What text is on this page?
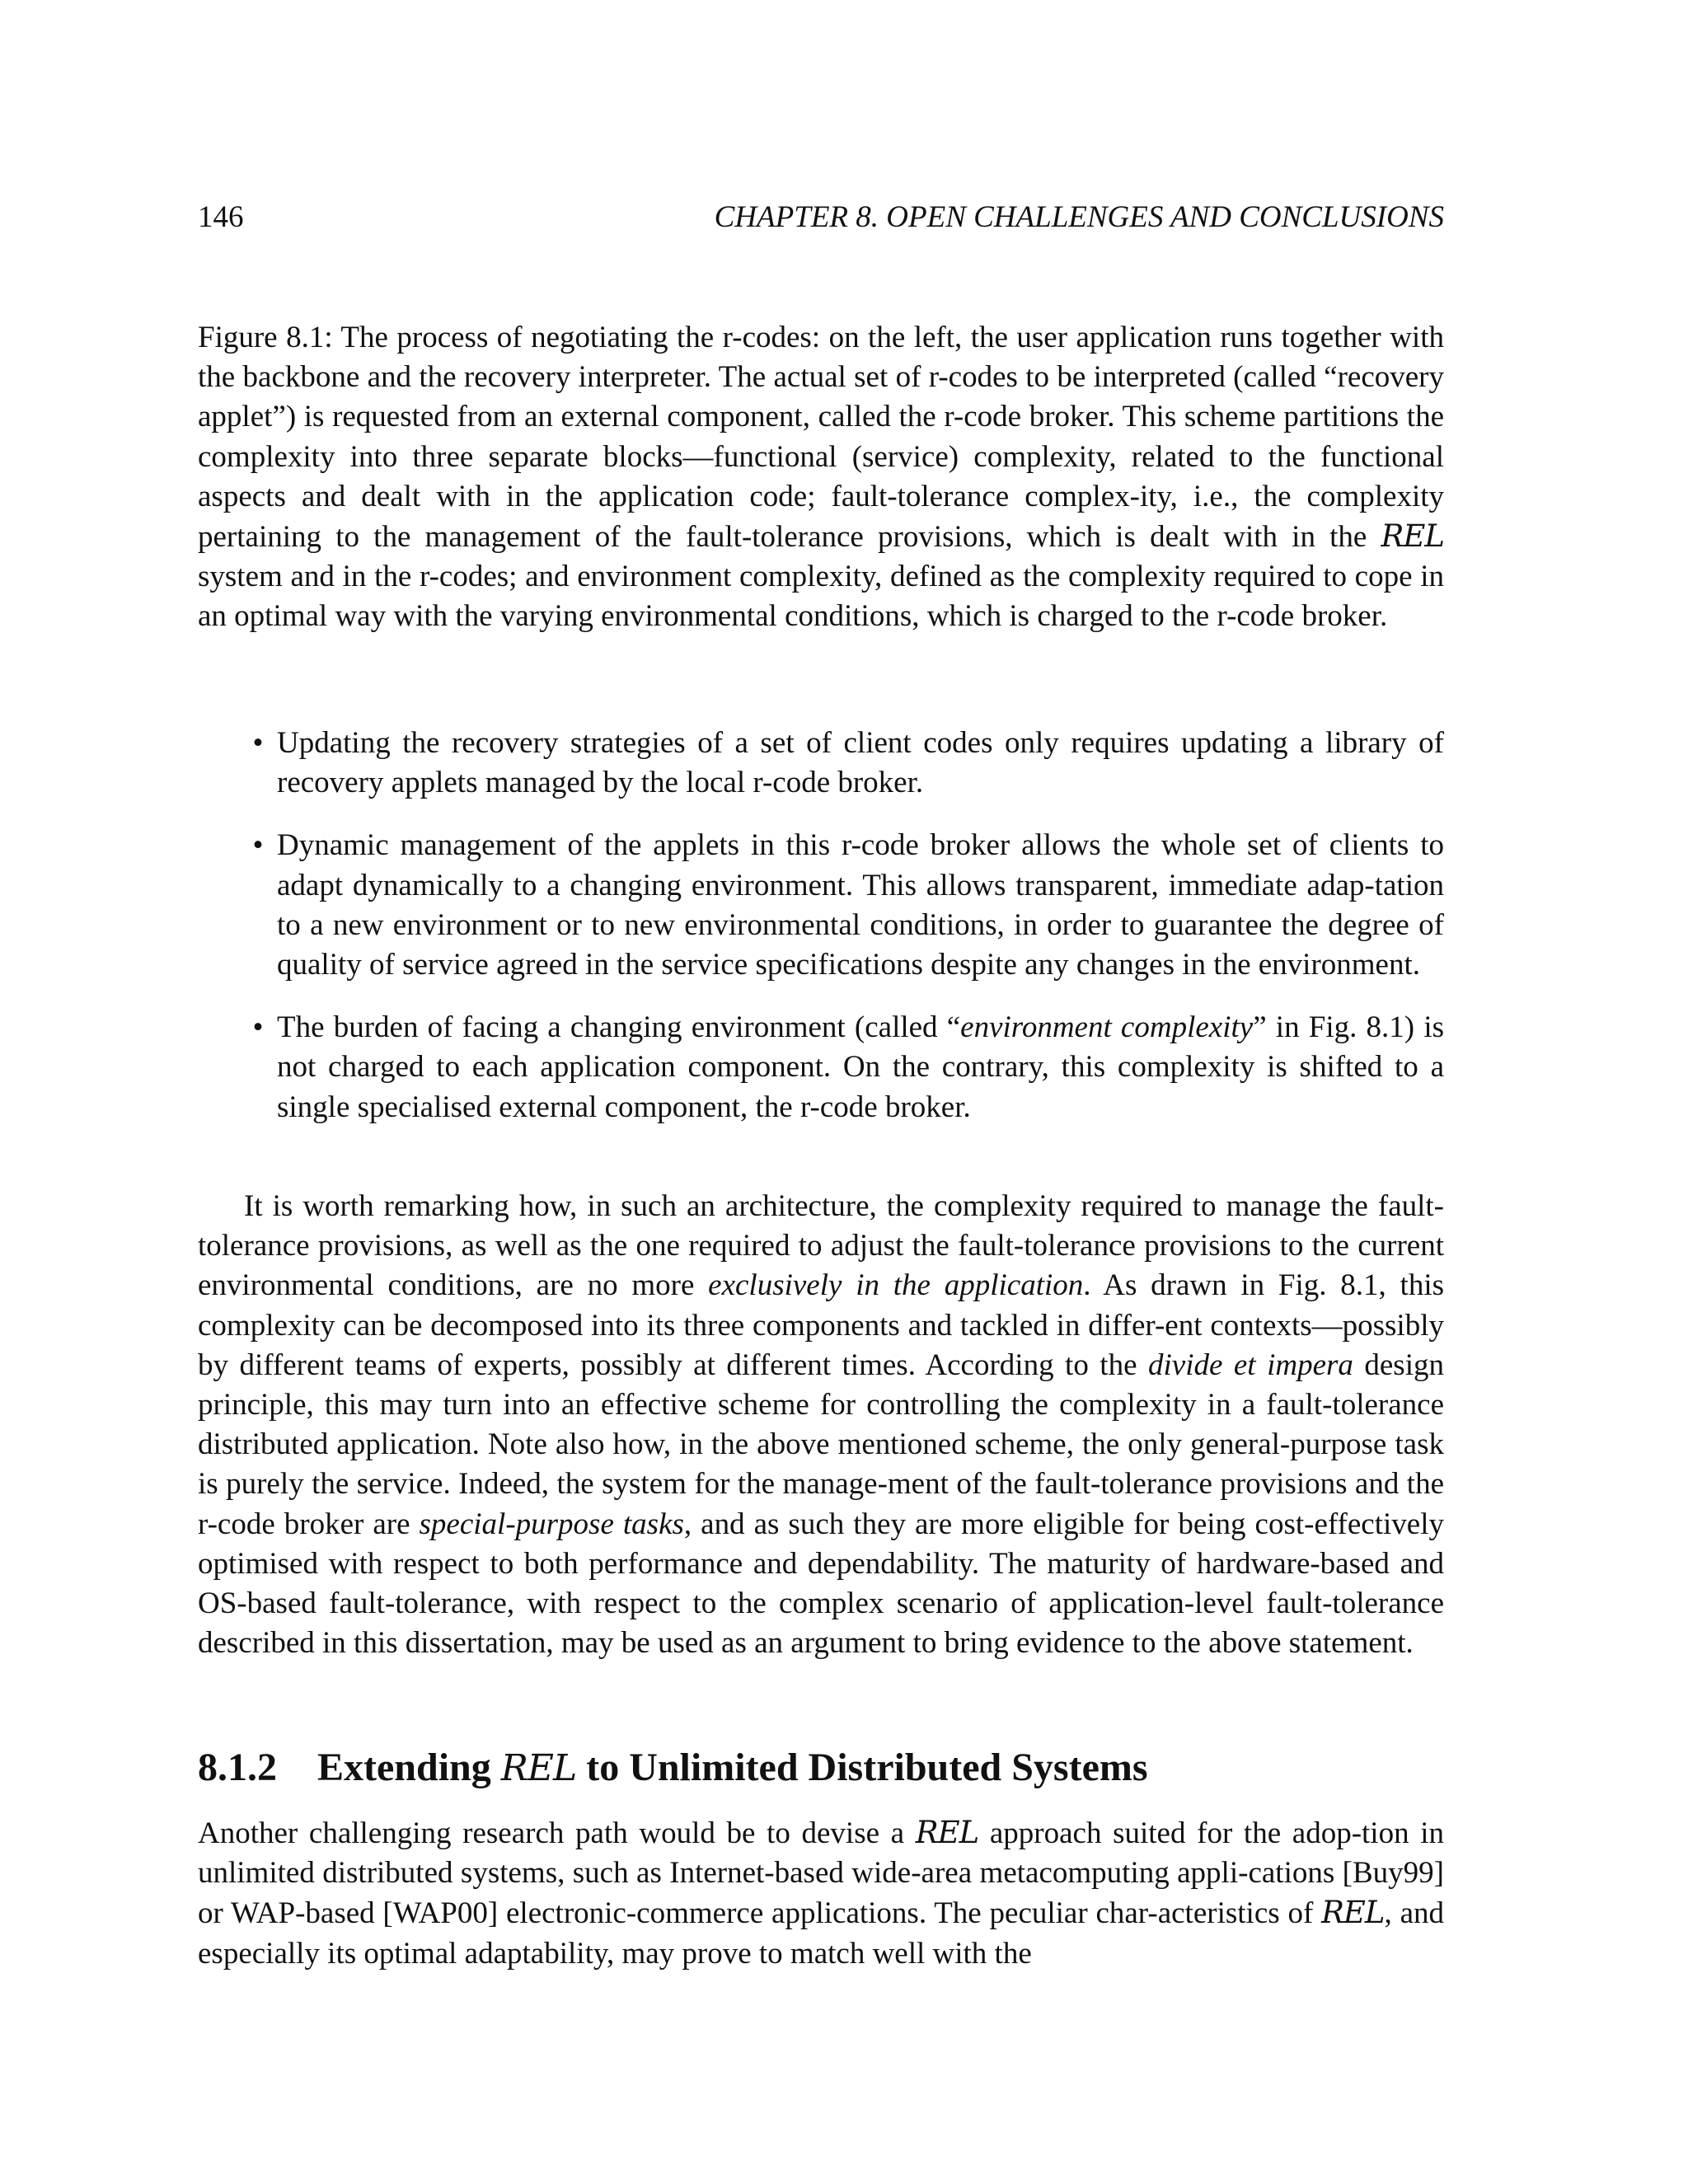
146	CHAPTER 8. OPEN CHALLENGES AND CONCLUSIONS

Figure 8.1: The process of negotiating the r-codes: on the left, the user application runs together with the backbone and the recovery interpreter. The actual set of r-codes to be interpreted (called “recovery applet”) is requested from an external component, called the r-code broker. This scheme partitions the complexity into three separate blocks—functional (service) complexity, related to the functional aspects and dealt with in the application code; fault-tolerance complex-ity, i.e., the complexity pertaining to the management of the fault-tolerance provisions, which is dealt with in the REL system and in the r-codes; and environment complexity, defined as the complexity required to cope in an optimal way with the varying environmental conditions, which is charged to the r-code broker.

• Updating the recovery strategies of a set of client codes only requires updating a library of recovery applets managed by the local r-code broker.
• Dynamic management of the applets in this r-code broker allows the whole set of clients to adapt dynamically to a changing environment. This allows transparent, immediate adap-tation to a new environment or to new environmental conditions, in order to guarantee the degree of quality of service agreed in the service specifications despite any changes in the environment.
• The burden of facing a changing environment (called “environment complexity” in Fig. 8.1) is not charged to each application component. On the contrary, this complexity is shifted to a single specialised external component, the r-code broker.

It is worth remarking how, in such an architecture, the complexity required to manage the fault-tolerance provisions, as well as the one required to adjust the fault-tolerance provisions to the current environmental conditions, are no more exclusively in the application. As drawn in Fig. 8.1, this complexity can be decomposed into its three components and tackled in differ-ent contexts—possibly by different teams of experts, possibly at different times. According to the divide et impera design principle, this may turn into an effective scheme for controlling the complexity in a fault-tolerance distributed application. Note also how, in the above mentioned scheme, the only general-purpose task is purely the service. Indeed, the system for the manage-ment of the fault-tolerance provisions and the r-code broker are special-purpose tasks, and as such they are more eligible for being cost-effectively optimised with respect to both performance and dependability. The maturity of hardware-based and OS-based fault-tolerance, with respect to the complex scenario of application-level fault-tolerance described in this dissertation, may be used as an argument to bring evidence to the above statement.

8.1.2 Extending REL to Unlimited Distributed Systems

Another challenging research path would be to devise a REL approach suited for the adop-tion in unlimited distributed systems, such as Internet-based wide-area metacomputing appli-cations [Buy99] or WAP-based [WAP00] electronic-commerce applications. The peculiar char-acteristics of REL, and especially its optimal adaptability, may prove to match well with the
